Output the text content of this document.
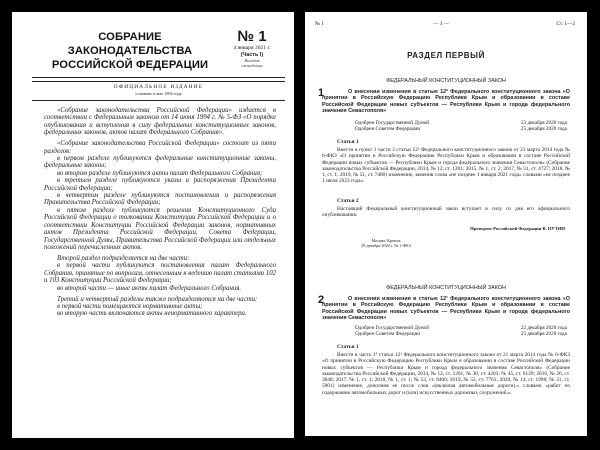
СОБРАНИЕ
ЗАКОНОДАТЕЛЬСТВА
РОССИЙСКОЙ ФЕДЕРАЦИИ
№ 1
4 января 2021 г.
(Часть I)
Выходит
еженедельно
ОФИЦИАЛЬНОЕ ИЗДАНИЕ
основано в мае 1994 года

«Собрание законодательства Российской Федерации» издается в соответствии с Федеральным законом от 14 июня 1994 г. № 5-ФЗ «О порядке опубликования и вступления в силу федеральных конституционных законов, федеральных законов, актов палат Федерального Собрания».

«Собрание законодательства Российской Федерации» состоит из пяти разделов:

в первом разделе публикуются федеральные конституционные законы, федеральные законы;

во втором разделе публикуются акты палат Федерального Собрания;

в третьем разделе публикуются указы и распоряжения Президента Российской Федерации;

в четвертом разделе публикуются постановления и распоряжения Правительства Российской Федерации;

в пятом разделе публикуются решения Конституционного Суда Российской Федерации о толковании Конституции Российской Федерации и о соответствии Конституции Российской Федерации законов, нормативных актов Президента Российской Федерации, Совета Федерации, Государственной Думы, Правительства Российской Федерации или отдельных положений перечисленных актов.

Второй раздел подразделяется на две части:

в первой части публикуются постановления палат Федерального Собрания, принятые по вопросам, отнесенным к ведению палат статьями 102 и 103 Конституции Российской Федерации;

во второй части — иные акты палат Федерального Собрания.

Третий и четвертый разделы также подразделяются на две части:

в первой части помещаются нормативные акты;

во вторую часть включаются акты ненормативного характера.

№ 1	— 3 —	Ст. 1—2
РАЗДЕЛ ПЕРВЫЙ
ФЕДЕРАЛЬНЫЙ КОНСТИТУЦИОННЫЙ ЗАКОН
1	О внесении изменения в статью 12² Федерального конституционного закона «О принятии в Российскую Федерацию Республики Крым и образовании в составе Российской Федерации новых субъектов — Республики Крым и города федерального значения Севастополя»
Одобрен Государственной Думой	23 декабря 2020 года
Одобрен Советом Федерации	25 декабря 2020 года
Статья 1
Внести в пункт 1 части 3 статьи 12² Федерального конституционного закона от 21 марта 2014 года № 6-ФКЗ «О принятии в Российскую Федерацию Республики Крым и образовании в составе Российской Федерации новых субъектов — Республики Крым и города федерального значения Севастополя» (Собрание законодательства Российской Федерации, 2014, № 12, ст. 1201; 2015, № 1, ст. 2; 2017, № 31, ст. 4727; 2018, № 1, ст. 1; 2019, № 51, ст. 7480) изменение, заменив слова «не позднее 1 января 2021 года» словами «не позднее 1 июля 2023 года».
Статья 2
Настоящий Федеральный конституционный закон вступает в силу со дня его официального опубликования.
Президент Российской Федерации В. ПУТИН
Москва, Кремль
29 декабря 2020 г. № 1-ФКЗ
ФЕДЕРАЛЬНЫЙ КОНСТИТУЦИОННЫЙ ЗАКОН
2	О внесении изменения в статью 12¹ Федерального конституционного закона «О принятии в Российскую Федерацию Республики Крым и образовании в составе Российской Федерации новых субъектов — Республики Крым и города федерального значения Севастополя»
Одобрен Государственной Думой	22 декабря 2020 года
Одобрен Советом Федерации	25 декабря 2020 года
Статья 1
Внести в часть 1³ статьи 12¹ Федерального конституционного закона от 21 марта 2014 года № 6-ФКЗ «О принятии в Российскую Федерацию Республики Крым и образовании в составе Российской Федерации новых субъектов — Республики Крым и города федерального значения Севастополя» (Собрание законодательства Российской Федерации, 2014, № 12, ст. 1201; № 30, ст. 4203; № 45, ст. 6129; 2016, № 26, ст. 3848; 2017, № 1, ст. 1; 2018, № 1, ст. 1; № 53, ст. 8400; 2019, № 52, ст. 7761; 2020, № 14, ст. 1998; № 31, ст. 5001) изменение, дополнив ее после слов «(включая автомобильные дороги),» словами «работ по содержанию автомобильных дорог и (или) искусственных дорожных сооружений,».
